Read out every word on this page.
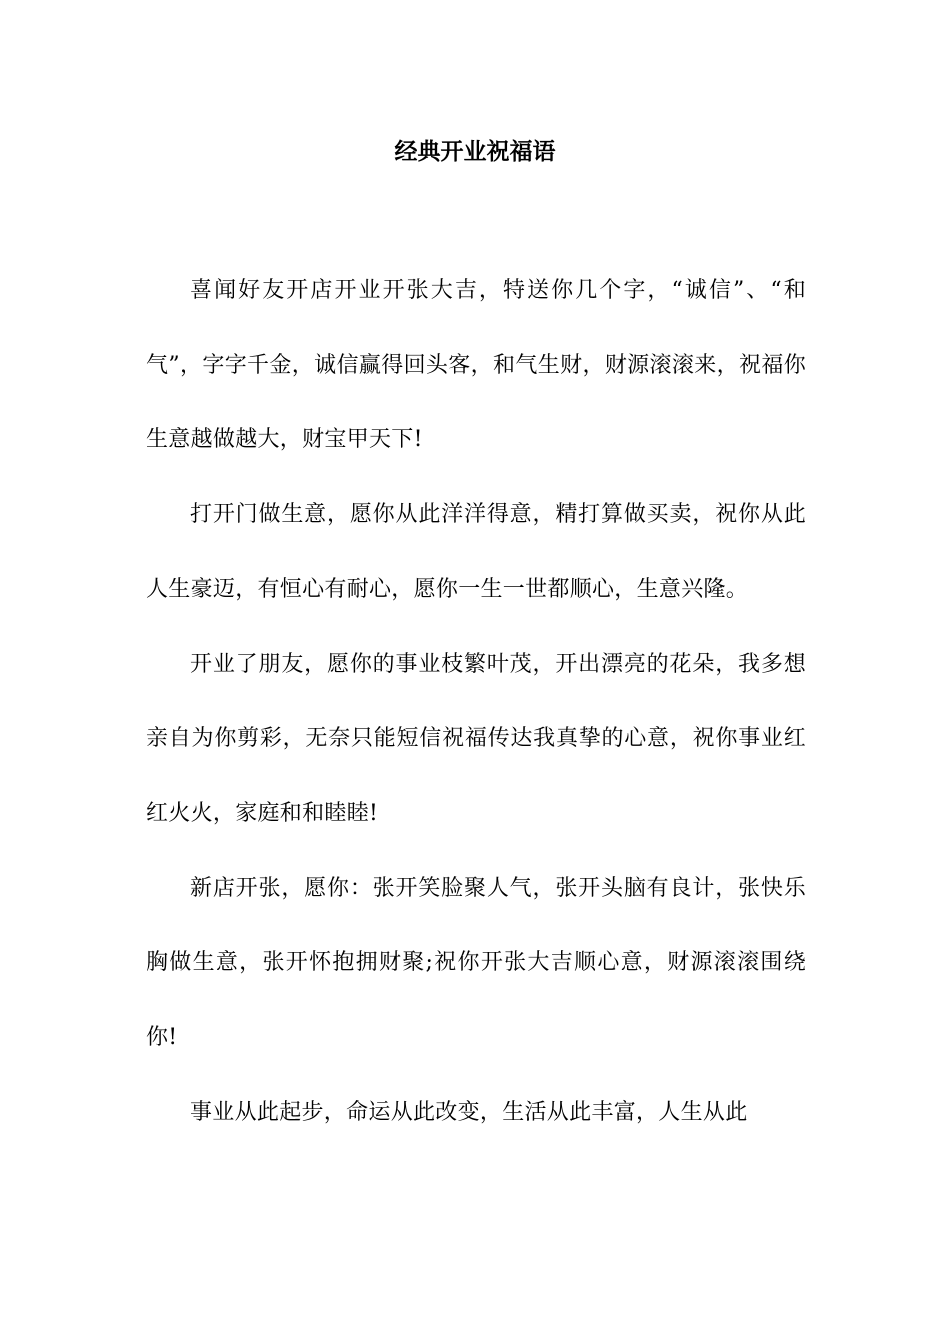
经典开业祝福语

喜闻好友开店开业开张大吉，特送你几个字，“诚信”、“和气”，字字千金，诚信赢得回头客，和气生财，财源滚滚来，祝福你生意越做越大，财宝甲天下!

打开门做生意，愿你从此洋洋得意，精打算做买卖，祝你从此人生豪迈，有恒心有耐心，愿你一生一世都顺心，生意兴隆。

开业了朋友，愿你的事业枝繁叶茂，开出漂亮的花朵，我多想亲自为你剪彩，无奈只能短信祝福传达我真挚的心意，祝你事业红红火火，家庭和和睦睦!

新店开张，愿你：张开笑脸聚人气，张开头脑有良计，张快乐胸做生意，张开怀抱拥财聚;祝你开张大吉顺心意，财源滚滚围绕你!

事业从此起步，命运从此改变，生活从此丰富，人生从此
